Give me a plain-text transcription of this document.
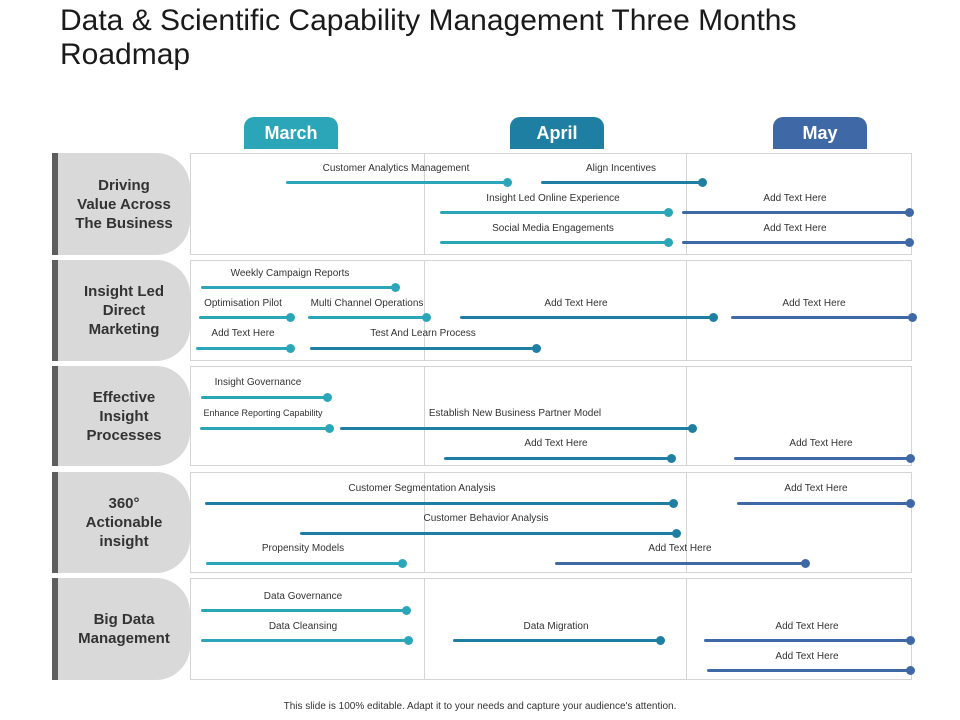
Data & Scientific Capability Management Three Months Roadmap
March	April	May
Driving
Value Across
The Business
Customer Analytics Management	Align Incentives
Insight Led Online Experience	Add Text Here
Social Media Engagements	Add Text Here
Insight Led
Direct
Marketing
Weekly Campaign Reports
Optimisation Pilot	Multi Channel Operations	Add Text Here	Add Text Here
Add Text Here	Test And Learn Process
Effective
Insight
Processes
Insight Governance
Enhance Reporting Capability	Establish New Business Partner Model
Add Text Here	Add Text Here
360°
Actionable
insight
Customer Segmentation Analysis	Add Text Here
Customer Behavior Analysis
Propensity Models	Add Text Here
Big Data
Management
Data Governance
Data Cleansing	Data Migration	Add Text Here
Add Text Here
This slide is 100% editable. Adapt it to your needs and capture your audience's attention.
